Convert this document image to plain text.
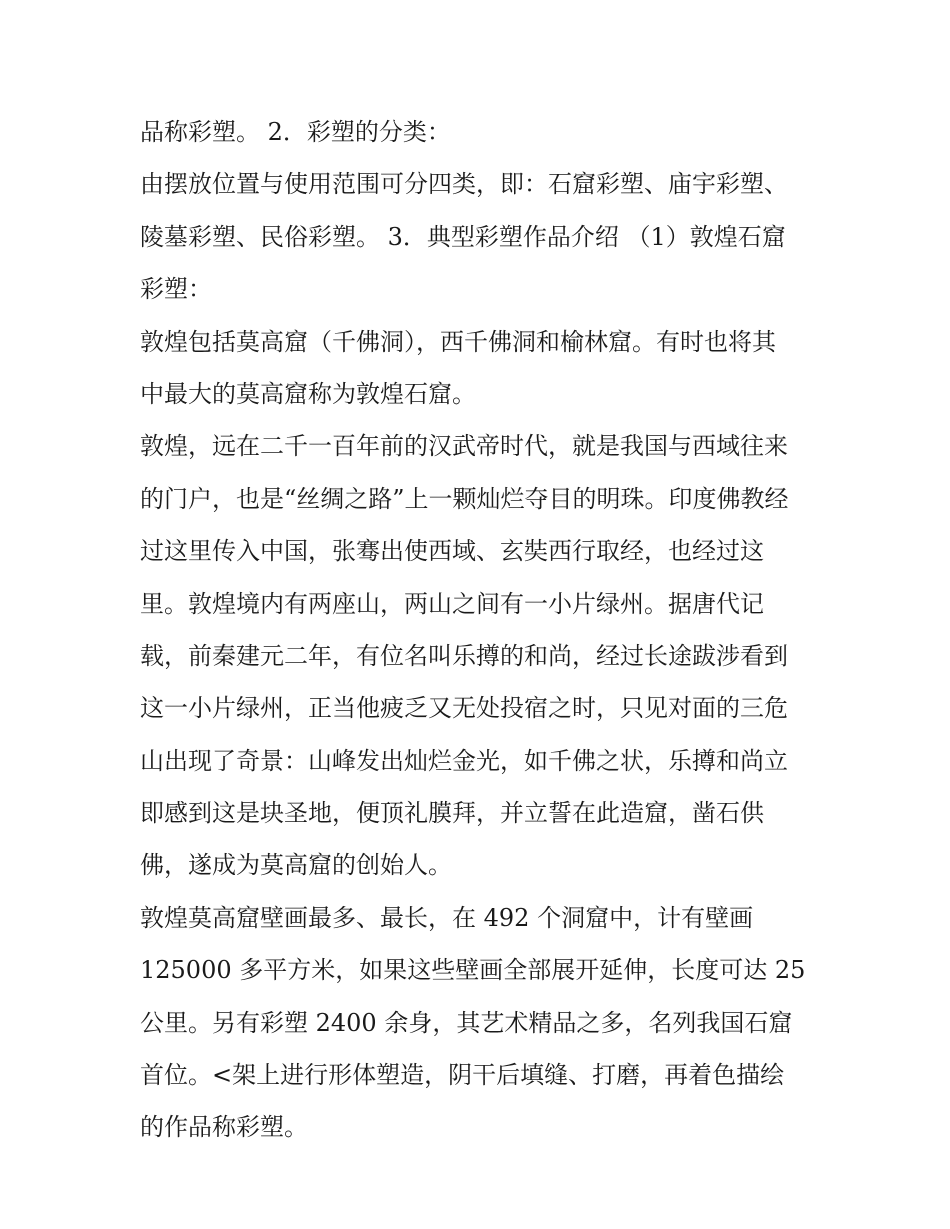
品称彩塑。 2．彩塑的分类：
由摆放位置与使用范围可分四类，即：石窟彩塑、庙宇彩塑、
陵墓彩塑、民俗彩塑。 3．典型彩塑作品介绍 （1）敦煌石窟
彩塑：
敦煌包括莫高窟（千佛洞），西千佛洞和榆林窟。有时也将其
中最大的莫高窟称为敦煌石窟。
敦煌，远在二千一百年前的汉武帝时代，就是我国与西域往来
的门户，也是“丝绸之路”上一颗灿烂夺目的明珠。印度佛教经
过这里传入中国，张骞出使西域、玄奘西行取经，也经过这
里。敦煌境内有两座山，两山之间有一小片绿州。据唐代记
载，前秦建元二年，有位名叫乐撙的和尚，经过长途跋涉看到
这一小片绿州，正当他疲乏又无处投宿之时，只见对面的三危
山出现了奇景：山峰发出灿烂金光，如千佛之状，乐撙和尚立
即感到这是块圣地，便顶礼膜拜，并立誓在此造窟，凿石供
佛，遂成为莫高窟的创始人。
敦煌莫高窟壁画最多、最长，在 492 个洞窟中，计有壁画
125000 多平方米，如果这些壁画全部展开延伸，长度可达 25
公里。另有彩塑 2400 余身，其艺术精品之多，名列我国石窟
首位。<架上进行形体塑造，阴干后填缝、打磨，再着色描绘
的作品称彩塑。
